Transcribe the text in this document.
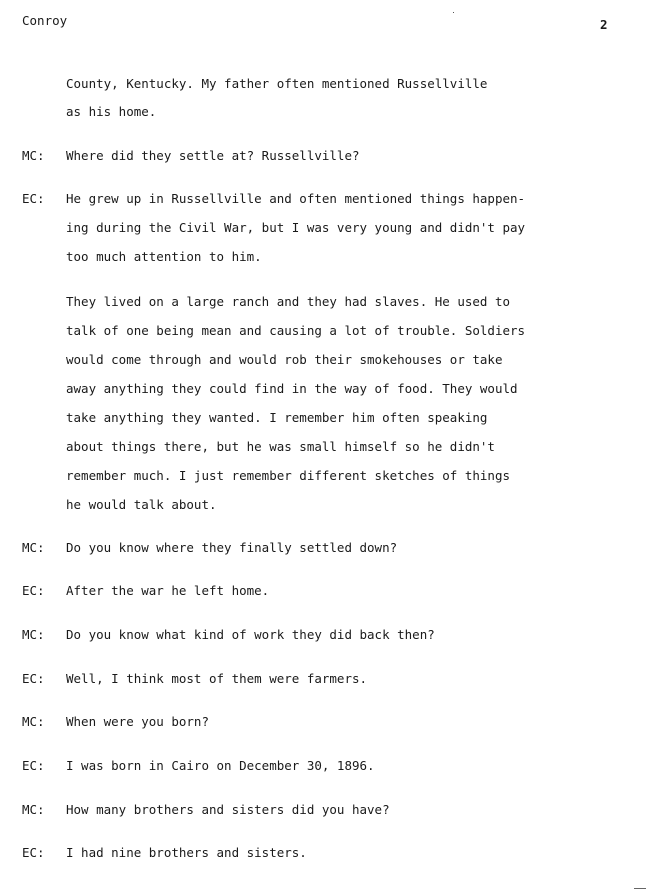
Conroy	2
County, Kentucky. My father often mentioned Russellville
as his home.
MC: Where did they settle at? Russellville?
EC: He grew up in Russellville and often mentioned things happen-
ing during the Civil War, but I was very young and didn't pay
too much attention to him.
They lived on a large ranch and they had slaves. He used to
talk of one being mean and causing a lot of trouble. Soldiers
would come through and would rob their smokehouses or take
away anything they could find in the way of food. They would
take anything they wanted. I remember him often speaking
about things there, but he was small himself so he didn't
remember much. I just remember different sketches of things
he would talk about.
MC: Do you know where they finally settled down?
EC: After the war he left home.
MC: Do you know what kind of work they did back then?
EC: Well, I think most of them were farmers.
MC: When were you born?
EC: I was born in Cairo on December 30, 1896.
MC: How many brothers and sisters did you have?
EC: I had nine brothers and sisters.
